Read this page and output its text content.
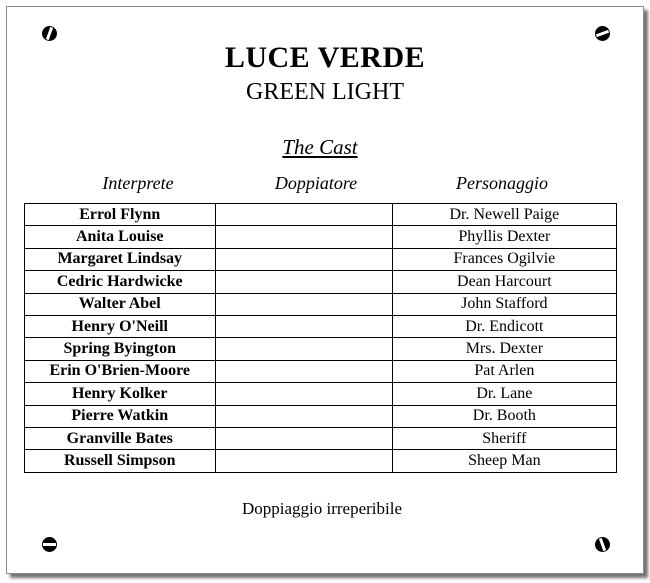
LUCE VERDE
GREEN LIGHT
The Cast
Interprete	Doppiatore	Personaggio
Errol Flynn		Dr. Newell Paige
Anita Louise		Phyllis Dexter
Margaret Lindsay		Frances Ogilvie
Cedric Hardwicke		Dean Harcourt
Walter Abel		John Stafford
Henry O'Neill		Dr. Endicott
Spring Byington		Mrs. Dexter
Erin O'Brien-Moore		Pat Arlen
Henry Kolker		Dr. Lane
Pierre Watkin		Dr. Booth
Granville Bates		Sheriff
Russell Simpson		Sheep Man
Doppiaggio irreperibile
